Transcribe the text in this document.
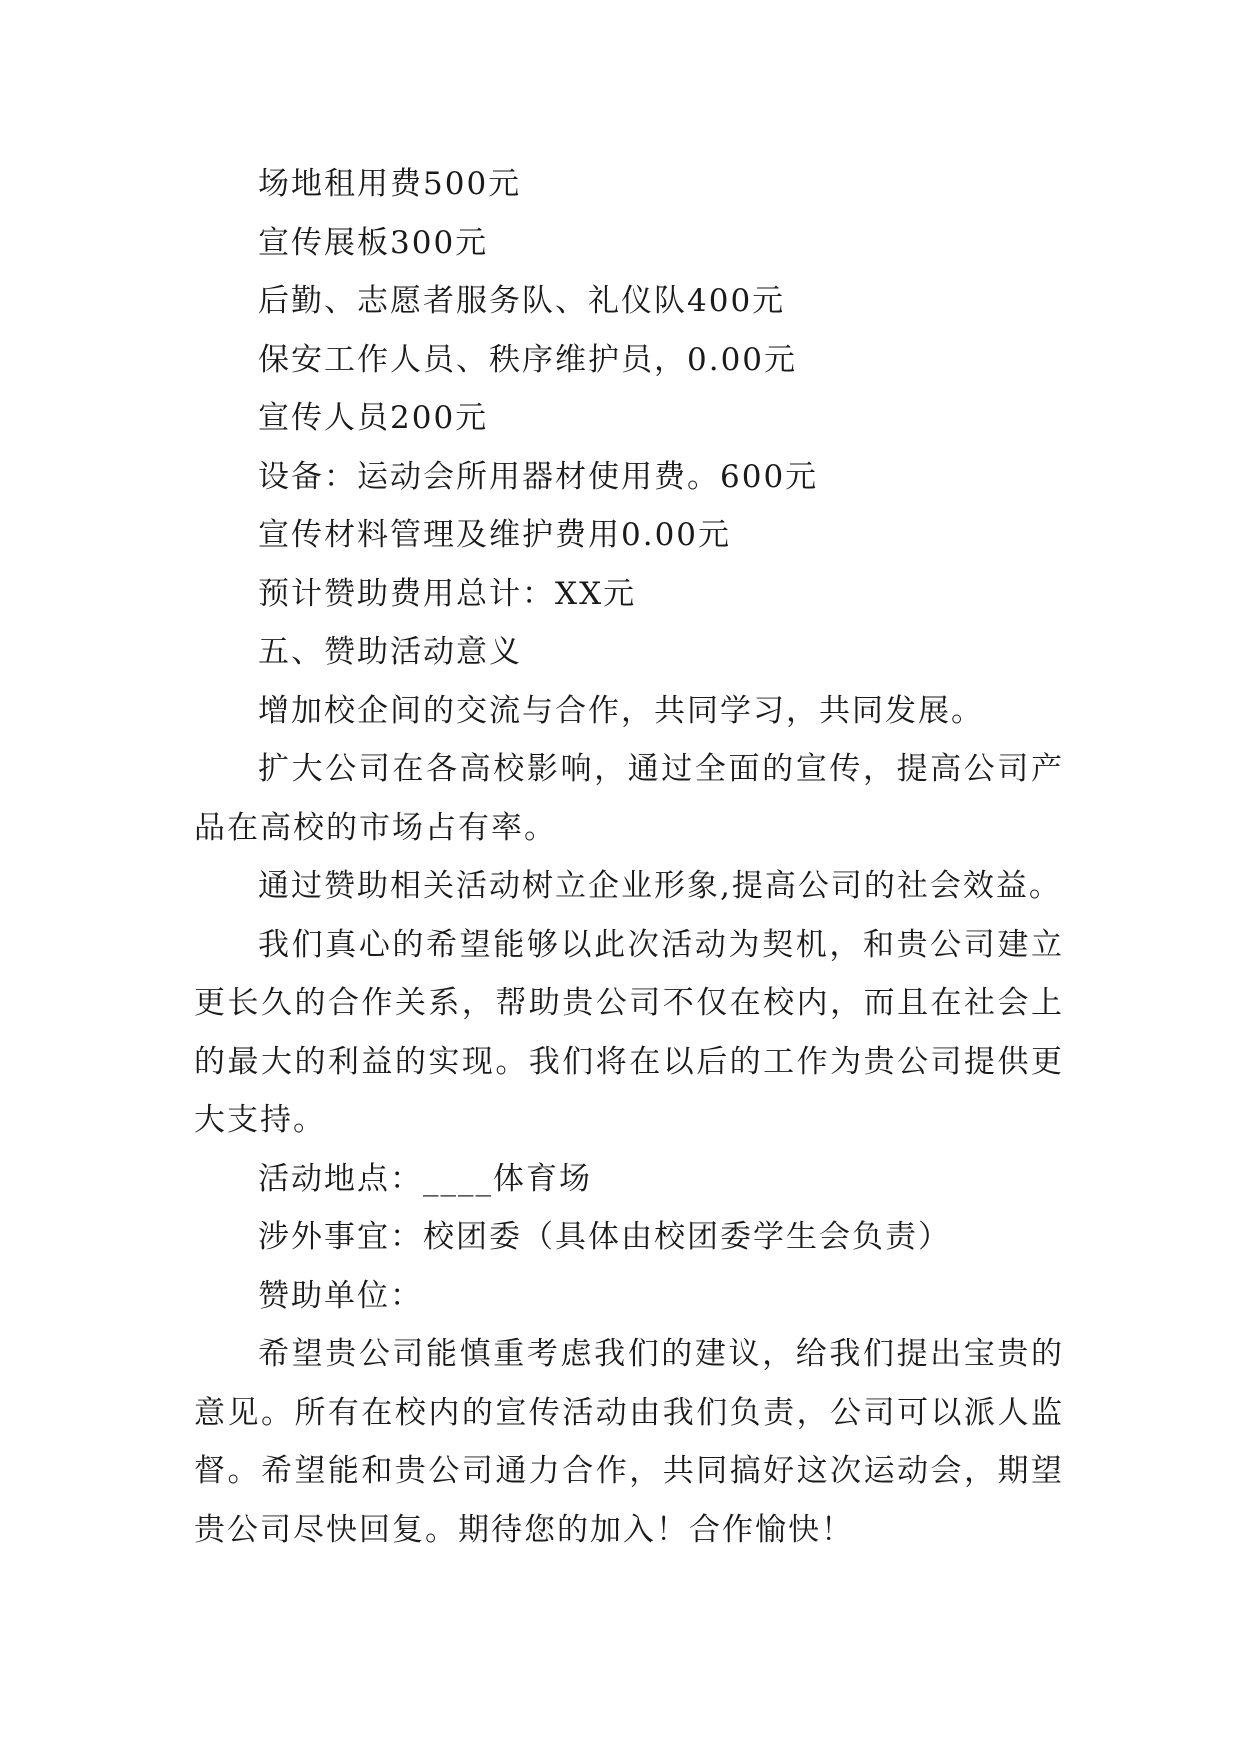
场地租用费500元

宣传展板300元

后勤、志愿者服务队、礼仪队400元

保安工作人员、秩序维护员，0.00元

宣传人员200元

设备：运动会所用器材使用费。600元

宣传材料管理及维护费用0.00元

预计赞助费用总计：XX元

五、赞助活动意义

增加校企间的交流与合作，共同学习，共同发展。

扩大公司在各高校影响，通过全面的宣传，提高公司产品在高校的市场占有率。

通过赞助相关活动树立企业形象,提高公司的社会效益。

我们真心的希望能够以此次活动为契机，和贵公司建立更长久的合作关系，帮助贵公司不仅在校内，而且在社会上的最大的利益的实现。我们将在以后的工作为贵公司提供更大支持。

活动地点：____体育场

涉外事宜：校团委（具体由校团委学生会负责）

赞助单位：

希望贵公司能慎重考虑我们的建议，给我们提出宝贵的意见。所有在校内的宣传活动由我们负责，公司可以派人监督。希望能和贵公司通力合作，共同搞好这次运动会，期望贵公司尽快回复。期待您的加入！合作愉快！
